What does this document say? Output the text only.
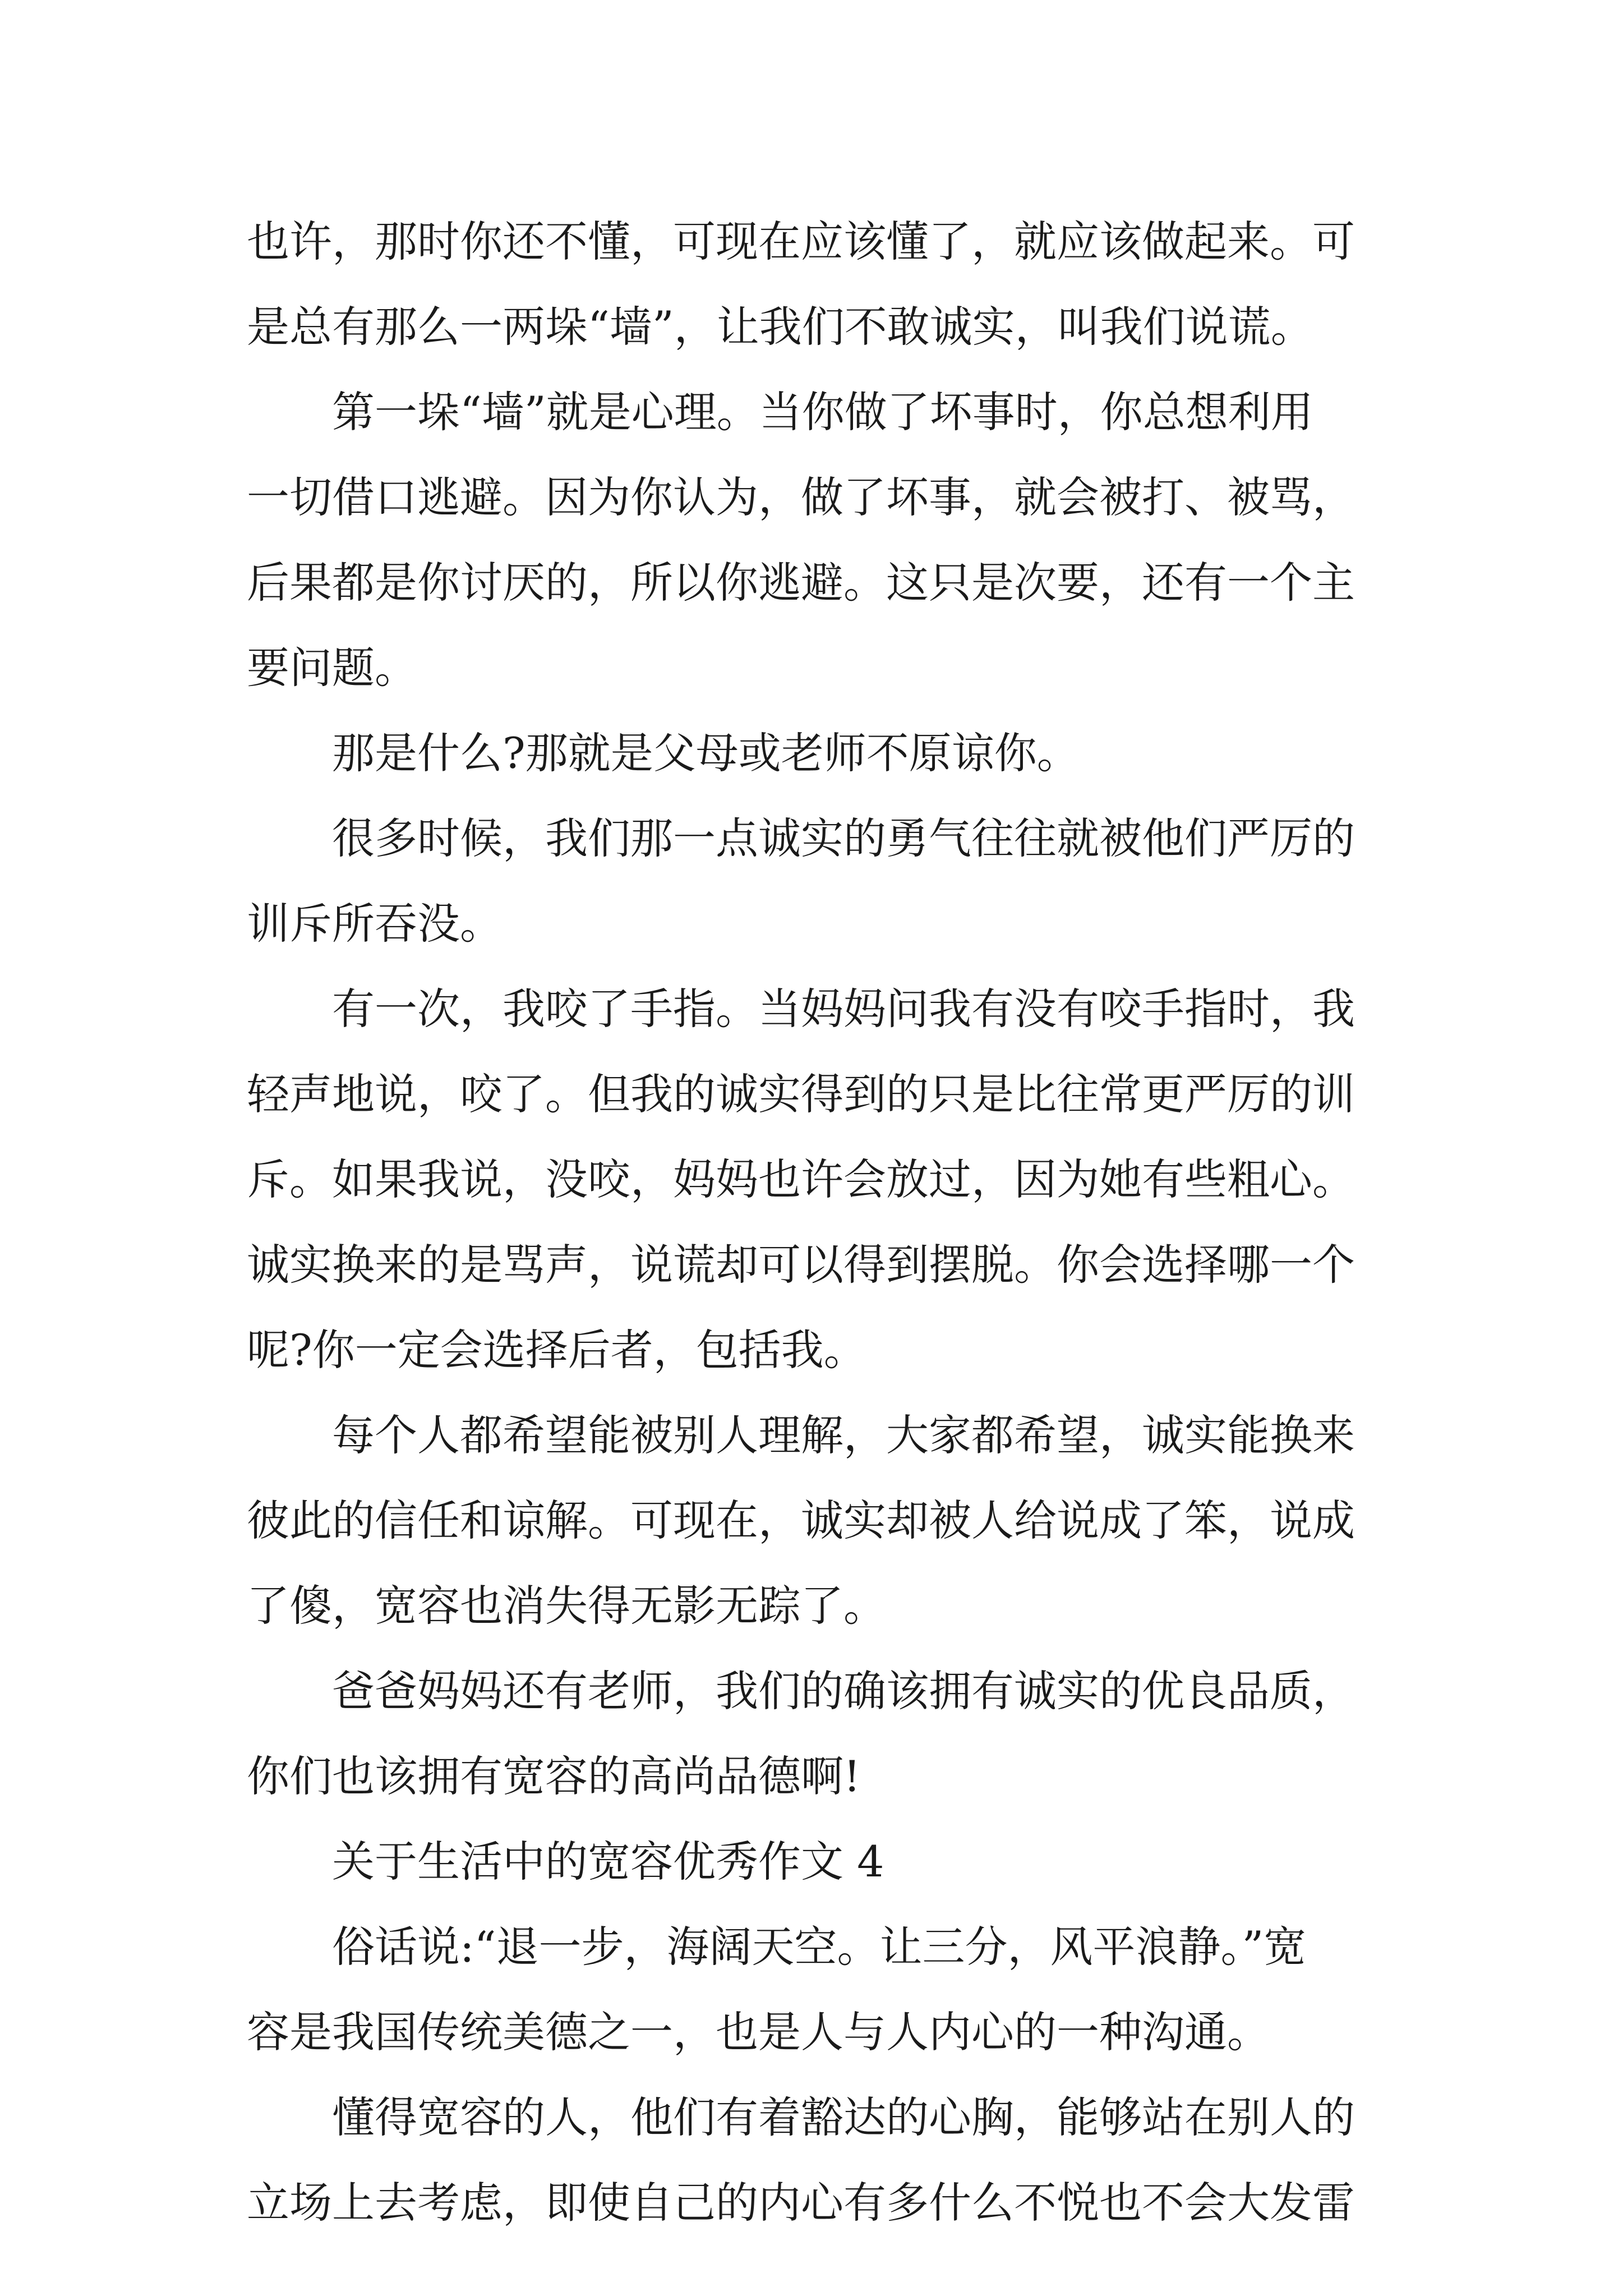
也许，那时你还不懂，可现在应该懂了，就应该做起来。可

是总有那么一两垛“墙”，让我们不敢诚实，叫我们说谎。

第一垛“墙”就是心理。当你做了坏事时，你总想利用

一切借口逃避。因为你认为，做了坏事，就会被打、被骂，

后果都是你讨厌的，所以你逃避。这只是次要，还有一个主

要问题。

那是什么?那就是父母或老师不原谅你。

很多时候，我们那一点诚实的勇气往往就被他们严厉的

训斥所吞没。

有一次，我咬了手指。当妈妈问我有没有咬手指时，我

轻声地说，咬了。但我的诚实得到的只是比往常更严厉的训

斥。如果我说，没咬，妈妈也许会放过，因为她有些粗心。

诚实换来的是骂声，说谎却可以得到摆脱。你会选择哪一个

呢?你一定会选择后者，包括我。

每个人都希望能被别人理解，大家都希望，诚实能换来

彼此的信任和谅解。可现在，诚实却被人给说成了笨，说成

了傻，宽容也消失得无影无踪了。

爸爸妈妈还有老师，我们的确该拥有诚实的优良品质，

你们也该拥有宽容的高尚品德啊!

关于生活中的宽容优秀作文 4

俗话说:“退一步，海阔天空。让三分，风平浪静。”宽

容是我国传统美德之一，也是人与人内心的一种沟通。

懂得宽容的人，他们有着豁达的心胸，能够站在别人的

立场上去考虑，即使自己的内心有多什么不悦也不会大发雷
